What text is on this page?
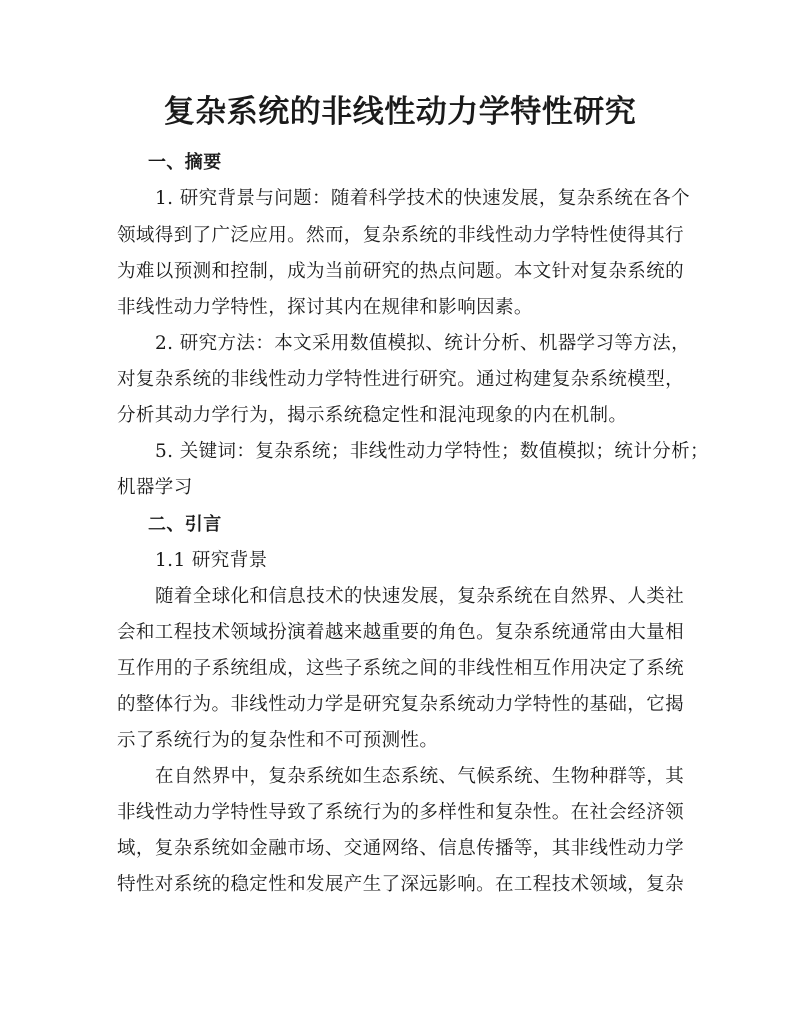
复杂系统的非线性动力学特性研究
一、摘要
1. 研究背景与问题：随着科学技术的快速发展，复杂系统在各个
领域得到了广泛应用。然而，复杂系统的非线性动力学特性使得其行
为难以预测和控制，成为当前研究的热点问题。本文针对复杂系统的
非线性动力学特性，探讨其内在规律和影响因素。
2. 研究方法：本文采用数值模拟、统计分析、机器学习等方法，
对复杂系统的非线性动力学特性进行研究。通过构建复杂系统模型，
分析其动力学行为，揭示系统稳定性和混沌现象的内在机制。
5. 关键词：复杂系统；非线性动力学特性；数值模拟；统计分析；
机器学习
二、引言
1.1 研究背景
随着全球化和信息技术的快速发展，复杂系统在自然界、人类社
会和工程技术领域扮演着越来越重要的角色。复杂系统通常由大量相
互作用的子系统组成，这些子系统之间的非线性相互作用决定了系统
的整体行为。非线性动力学是研究复杂系统动力学特性的基础，它揭
示了系统行为的复杂性和不可预测性。
在自然界中，复杂系统如生态系统、气候系统、生物种群等，其
非线性动力学特性导致了系统行为的多样性和复杂性。在社会经济领
域，复杂系统如金融市场、交通网络、信息传播等，其非线性动力学
特性对系统的稳定性和发展产生了深远影响。在工程技术领域，复杂
